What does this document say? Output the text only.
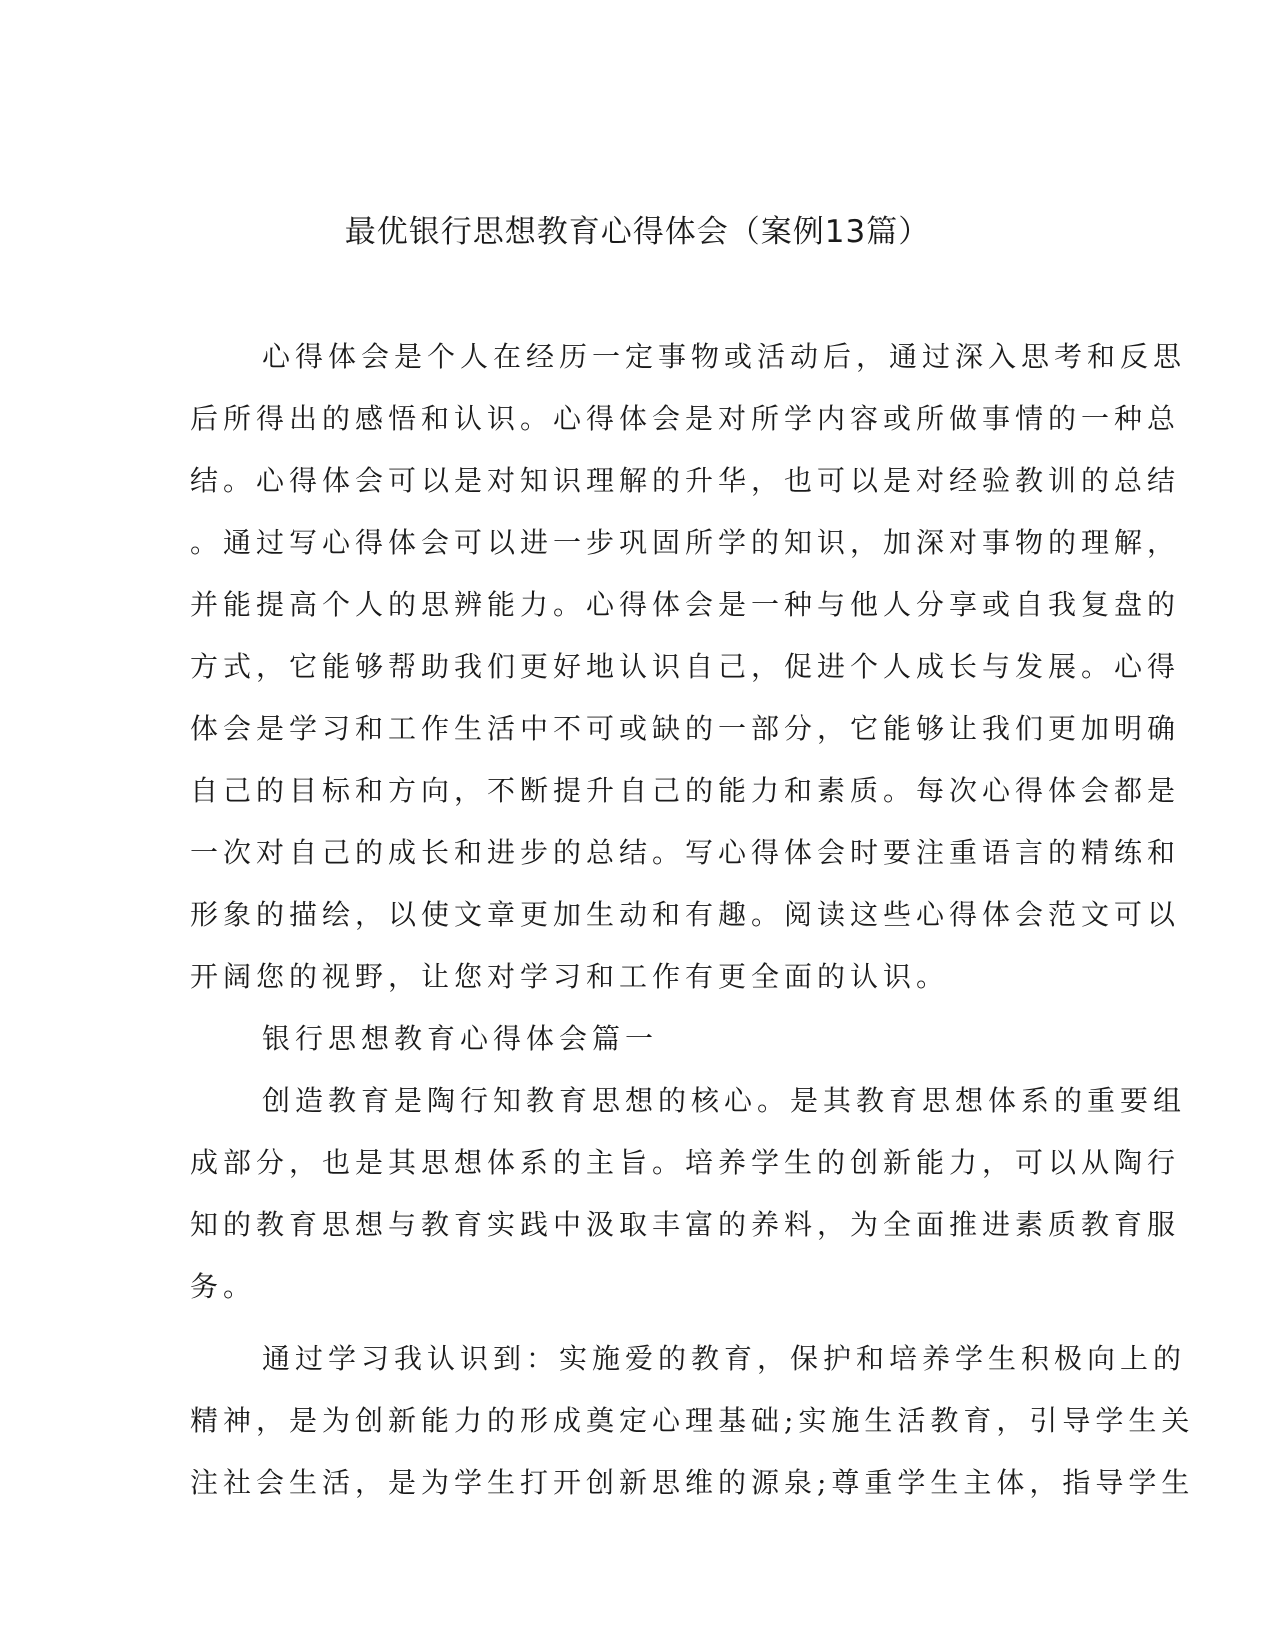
最优银行思想教育心得体会（案例13篇）
心得体会是个人在经历一定事物或活动后，通过深入思考和反思
后所得出的感悟和认识。心得体会是对所学内容或所做事情的一种总
结。心得体会可以是对知识理解的升华，也可以是对经验教训的总结
。通过写心得体会可以进一步巩固所学的知识，加深对事物的理解，
并能提高个人的思辨能力。心得体会是一种与他人分享或自我复盘的
方式，它能够帮助我们更好地认识自己，促进个人成长与发展。心得
体会是学习和工作生活中不可或缺的一部分，它能够让我们更加明确
自己的目标和方向，不断提升自己的能力和素质。每次心得体会都是
一次对自己的成长和进步的总结。写心得体会时要注重语言的精练和
形象的描绘，以使文章更加生动和有趣。阅读这些心得体会范文可以
开阔您的视野，让您对学习和工作有更全面的认识。
银行思想教育心得体会篇一
创造教育是陶行知教育思想的核心。是其教育思想体系的重要组
成部分，也是其思想体系的主旨。培养学生的创新能力，可以从陶行
知的教育思想与教育实践中汲取丰富的养料，为全面推进素质教育服
务。
通过学习我认识到：实施爱的教育，保护和培养学生积极向上的
精神，是为创新能力的形成奠定心理基础;实施生活教育，引导学生关
注社会生活，是为学生打开创新思维的源泉;尊重学生主体，指导学生
